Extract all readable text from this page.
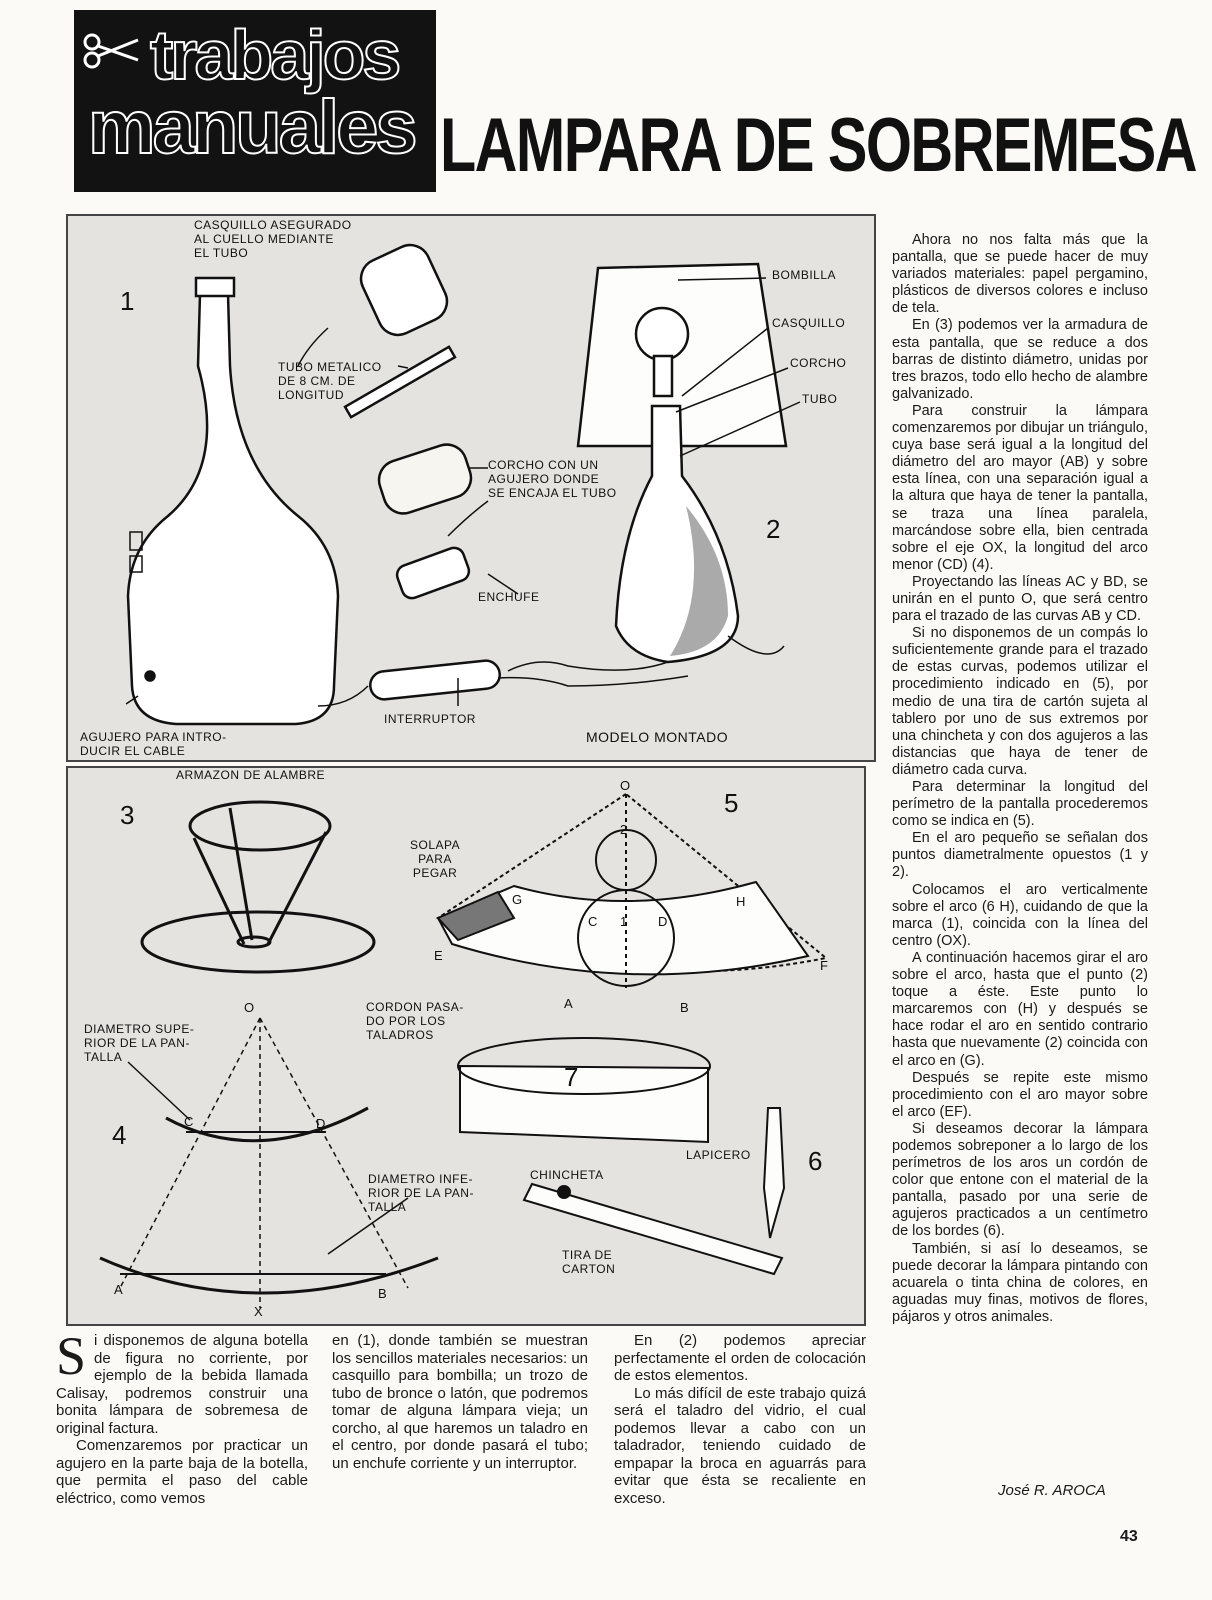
trabajos
manuales LAMPARA DE SOBREMESA
1
CASQUILLO ASEGURADO
AL CUELLO MEDIANTE
EL TUBO
TUBO METALICO
DE 8 CM. DE
LONGITUD
CORCHO CON UN
AGUJERO DONDE
SE ENCAJA EL TUBO
ENCHUFE
INTERRUPTOR
AGUJERO PARA INTRO-
DUCIR EL CABLE
2
BOMBILLA
CASQUILLO
CORCHO
TUBO
MODELO MONTADO
ARMAZON DE ALAMBRE
3	5
SOLAPA
PARA
PEGAR
O
2
1
G	H
C	D
E
F
A	B
O
DIAMETRO SUPE-
RIOR DE LA PAN-
TALLA
4	C	D
DIAMETRO INFE-
RIOR DE LA PAN-
TALLA
A	B
X
CORDON PASA-
DO POR LOS
TALADROS
7
LAPICERO 6
CHINCHETA
TIRA DE
CARTON

Si disponemos de alguna botella de figura no corriente, por ejemplo de la bebida llamada Calisay, podremos construir una bonita lámpara de sobremesa de original factura.

Comenzaremos por practicar un agujero en la parte baja de la botella, que permita el paso del cable eléctrico, como vemos

en (1), donde también se muestran los sencillos materiales necesarios: un casquillo para bombilla; un trozo de tubo de bronce o latón, que podremos tomar de alguna lámpara vieja; un corcho, al que haremos un taladro en el centro, por donde pasará el tubo; un enchufe corriente y un interruptor.

En (2) podemos apreciar perfectamente el orden de colocación de estos elementos.

Lo más difícil de este trabajo quizá será el taladro del vidrio, el cual podemos llevar a cabo con un taladrador, teniendo cuidado de empapar la broca en aguarrás para evitar que ésta se recaliente en exceso.

Ahora no nos falta más que la pantalla, que se puede hacer de muy variados materiales: papel pergamino, plásticos de diversos colores e incluso de tela.

En (3) podemos ver la armadura de esta pantalla, que se reduce a dos barras de distinto diámetro, unidas por tres brazos, todo ello hecho de alambre galvanizado.

Para construir la lámpara comenzaremos por dibujar un triángulo, cuya base será igual a la longitud del diámetro del aro mayor (AB) y sobre esta línea, con una separación igual a la altura que haya de tener la pantalla, se traza una línea paralela, marcándose sobre ella, bien centrada sobre el eje OX, la longitud del arco menor (CD) (4).

Proyectando las líneas AC y BD, se unirán en el punto O, que será centro para el trazado de las curvas AB y CD.

Si no disponemos de un compás lo suficientemente grande para el trazado de estas curvas, podemos utilizar el procedimiento indicado en (5), por medio de una tira de cartón sujeta al tablero por uno de sus extremos por una chincheta y con dos agujeros a las distancias que haya de tener de diámetro cada curva.

Para determinar la longitud del perímetro de la pantalla procederemos como se indica en (5).

En el aro pequeño se señalan dos puntos diametralmente opuestos (1 y 2).

Colocamos el aro verticalmente sobre el arco (6 H), cuidando de que la marca (1), coincida con la línea del centro (OX).

A continuación hacemos girar el aro sobre el arco, hasta que el punto (2) toque a éste. Este punto lo marcaremos con (H) y después se hace rodar el aro en sentido contrario hasta que nuevamente (2) coincida con el arco en (G).

Después se repite este mismo procedimiento con el aro mayor sobre el arco (EF).

Si deseamos decorar la lámpara podemos sobreponer a lo largo de los perímetros de los aros un cordón de color que entone con el material de la pantalla, pasado por una serie de agujeros practicados a un centímetro de los bordes (6).

También, si así lo deseamos, se puede decorar la lámpara pintando con acuarela o tinta china de colores, en aguadas muy finas, motivos de flores, pájaros y otros animales.

José R. AROCA
43
